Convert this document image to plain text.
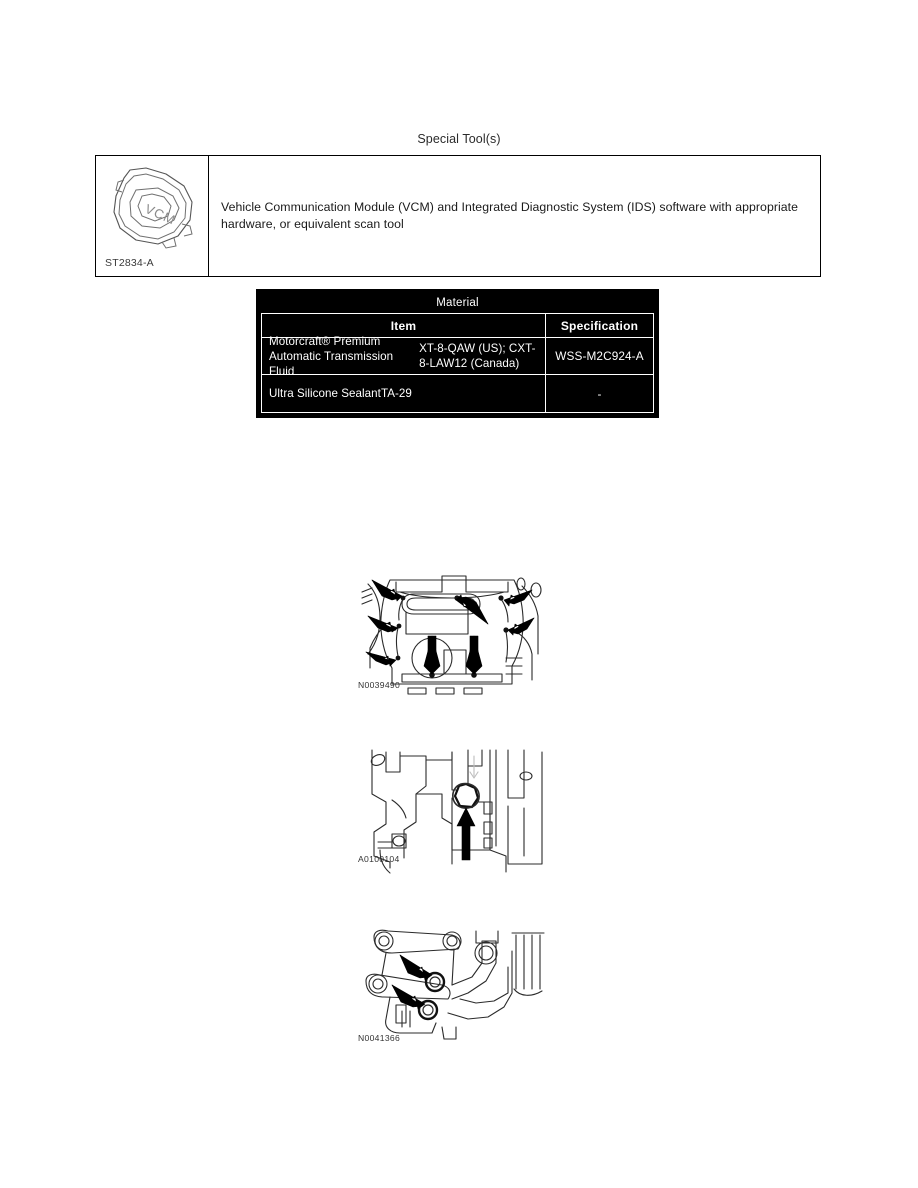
Special Tool(s)
VCM
ST2834-A
Vehicle Communication Module (VCM) and Integrated Diagnostic System (IDS) software with appropriate hardware, or equivalent scan tool
Material
Item	Specification
Motorcraft® Premium Automatic Transmission Fluid
XT-8-QAW (US); CXT-8-LAW12 (Canada)
WSS-M2C924-A
Ultra Silicone Sealant TA-29	-
N0039490
A0100104
N0041366
